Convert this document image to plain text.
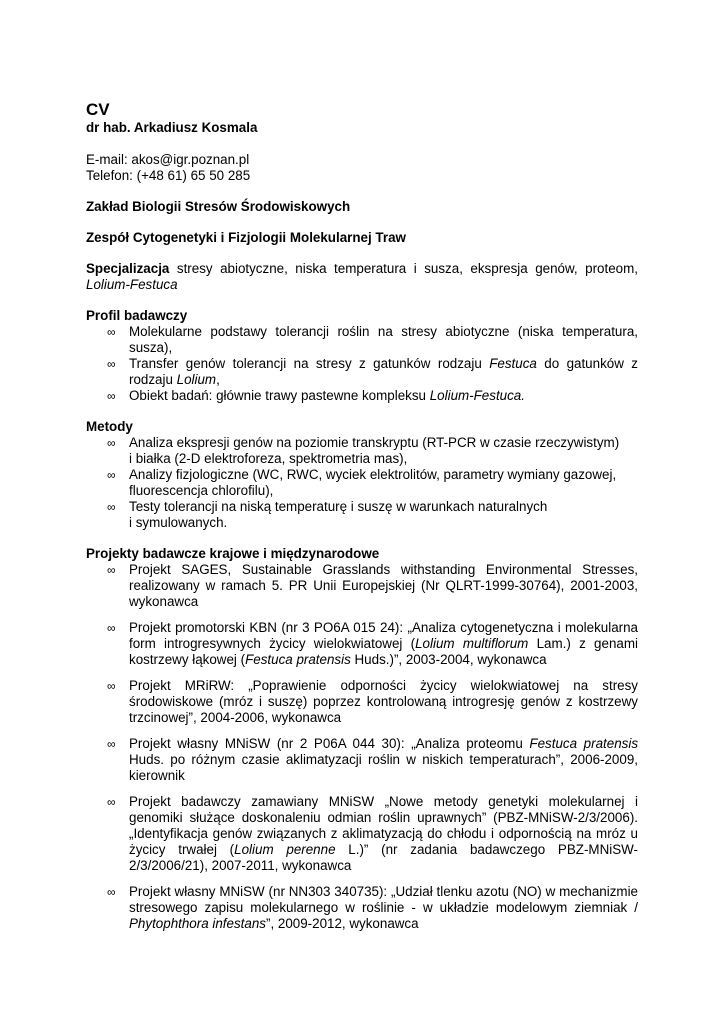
CV

dr hab. Arkadiusz Kosmala

E-mail: akos@igr.poznan.pl

Telefon: (+48 61) 65 50 285

Zakład Biologii Stresów Środowiskowych

Zespół Cytogenetyki i Fizjologii Molekularnej Traw

Specjalizacja stresy abiotyczne, niska temperatura i susza, ekspresja genów, proteom, Lolium-Festuca

Profil badawczy

∞ Molekularne podstawy tolerancji roślin na stresy abiotyczne (niska temperatura, susza),
∞ Transfer genów tolerancji na stresy z gatunków rodzaju Festuca do gatunków z rodzaju Lolium,
∞ Obiekt badań: głównie trawy pastewne kompleksu Lolium-Festuca.

Metody

∞ Analiza ekspresji genów na poziomie transkryptu (RT-PCR w czasie rzeczywistym)
i białka (2-D elektroforeza, spektrometria mas),
∞ Analizy fizjologiczne (WC, RWC, wyciek elektrolitów, parametry wymiany gazowej,
fluorescencja chlorofilu),
∞ Testy tolerancji na niską temperaturę i suszę w warunkach naturalnych
i symulowanych.

Projekty badawcze krajowe i międzynarodowe

∞ Projekt SAGES, Sustainable Grasslands withstanding Environmental Stresses, realizowany w ramach 5. PR Unii Europejskiej (Nr QLRT-1999-30764), 2001-2003, wykonawca
∞ Projekt promotorski KBN (nr 3 PO6A 015 24): „Analiza cytogenetyczna i molekularna form introgresywnych życicy wielokwiatowej (Lolium multiflorum Lam.) z genami kostrzewy łąkowej (Festuca pratensis Huds.)”, 2003-2004, wykonawca
∞ Projekt MRiRW: „Poprawienie odporności życicy wielokwiatowej na stresy środowiskowe (mróz i suszę) poprzez kontrolowaną introgresję genów z kostrzewy trzcinowej”, 2004-2006, wykonawca
∞ Projekt własny MNiSW (nr 2 P06A 044 30): „Analiza proteomu Festuca pratensis Huds. po różnym czasie aklimatyzacji roślin w niskich temperaturach”, 2006-2009, kierownik
∞ Projekt badawczy zamawiany MNiSW „Nowe metody genetyki molekularnej i genomiki służące doskonaleniu odmian roślin uprawnych” (PBZ-MNiSW-2/3/2006). „Identyfikacja genów związanych z aklimatyzacją do chłodu i odpornością na mróz u życicy trwałej (Lolium perenne L.)” (nr zadania badawczego PBZ-MNiSW-2/3/2006/21), 2007-2011, wykonawca
∞ Projekt własny MNiSW (nr NN303 340735): „Udział tlenku azotu (NO) w mechanizmie stresowego zapisu molekularnego w roślinie - w układzie modelowym ziemniak / Phytophthora infestans”, 2009-2012, wykonawca
